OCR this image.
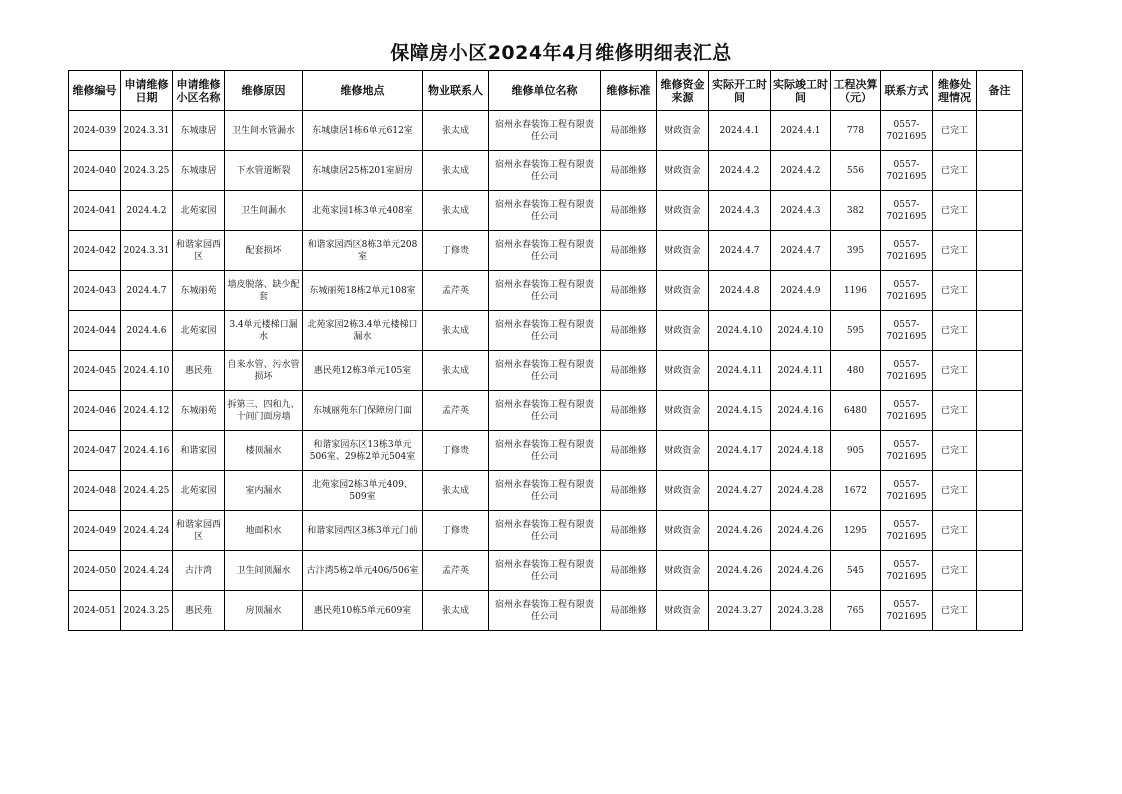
保障房小区2024年4月维修明细表汇总
维修编号	申请维修日期	申请维修小区名称	维修原因	维修地点	物业联系人	维修单位名称	维修标准	维修资金来源	实际开工时间	实际竣工时间	工程决算（元）	联系方式	维修处理情况	备注
2024-039	2024.3.31	东城康居	卫生间水管漏水	东城康居1栋6单元612室	张太成	宿州永春装饰工程有限责任公司	局部维修	财政资金	2024.4.1	2024.4.1	778	0557-7021695	已完工	
2024-040	2024.3.25	东城康居	下水管道断裂	东城康居25栋201室厨房	张太成	宿州永春装饰工程有限责任公司	局部维修	财政资金	2024.4.2	2024.4.2	556	0557-7021695	已完工	
2024-041	2024.4.2	北苑家园	卫生间漏水	北苑家园1栋3单元408室	张太成	宿州永春装饰工程有限责任公司	局部维修	财政资金	2024.4.3	2024.4.3	382	0557-7021695	已完工	
2024-042	2024.3.31	和谐家园西区	配套损坏	和谐家园西区8栋3单元208室	丁修贵	宿州永春装饰工程有限责任公司	局部维修	财政资金	2024.4.7	2024.4.7	395	0557-7021695	已完工	
2024-043	2024.4.7	东城丽苑	墙皮脱落、缺少配套	东城丽苑18栋2单元108室	孟芹英	宿州永春装饰工程有限责任公司	局部维修	财政资金	2024.4.8	2024.4.9	1196	0557-7021695	已完工	
2024-044	2024.4.6	北苑家园	3.4单元楼梯口漏水	北苑家园2栋3.4单元楼梯口漏水	张太成	宿州永春装饰工程有限责任公司	局部维修	财政资金	2024.4.10	2024.4.10	595	0557-7021695	已完工	
2024-045	2024.4.10	惠民苑	自来水管、污水管损坏	惠民苑12栋3单元105室	张太成	宿州永春装饰工程有限责任公司	局部维修	财政资金	2024.4.11	2024.4.11	480	0557-7021695	已完工	
2024-046	2024.4.12	东城丽苑	拆第三、四和九、十间门面房墙	东城丽苑东门保障房门面	孟芹英	宿州永春装饰工程有限责任公司	局部维修	财政资金	2024.4.15	2024.4.16	6480	0557-7021695	已完工	
2024-047	2024.4.16	和谐家园	楼顶漏水	和谐家园东区13栋3单元506室、29栋2单元504室	丁修贵	宿州永春装饰工程有限责任公司	局部维修	财政资金	2024.4.17	2024.4.18	905	0557-7021695	已完工	
2024-048	2024.4.25	北苑家园	室内漏水	北苑家园2栋3单元409、509室	张太成	宿州永春装饰工程有限责任公司	局部维修	财政资金	2024.4.27	2024.4.28	1672	0557-7021695	已完工	
2024-049	2024.4.24	和谐家园西区	地面积水	和谐家园西区3栋3单元门前	丁修贵	宿州永春装饰工程有限责任公司	局部维修	财政资金	2024.4.26	2024.4.26	1295	0557-7021695	已完工	
2024-050	2024.4.24	古汴湾	卫生间顶漏水	古汴湾5栋2单元406/506室	孟芹英	宿州永春装饰工程有限责任公司	局部维修	财政资金	2024.4.26	2024.4.26	545	0557-7021695	已完工	
2024-051	2024.3.25	惠民苑	房顶漏水	惠民苑10栋5单元609室	张太成	宿州永春装饰工程有限责任公司	局部维修	财政资金	2024.3.27	2024.3.28	765	0557-7021695	已完工	
